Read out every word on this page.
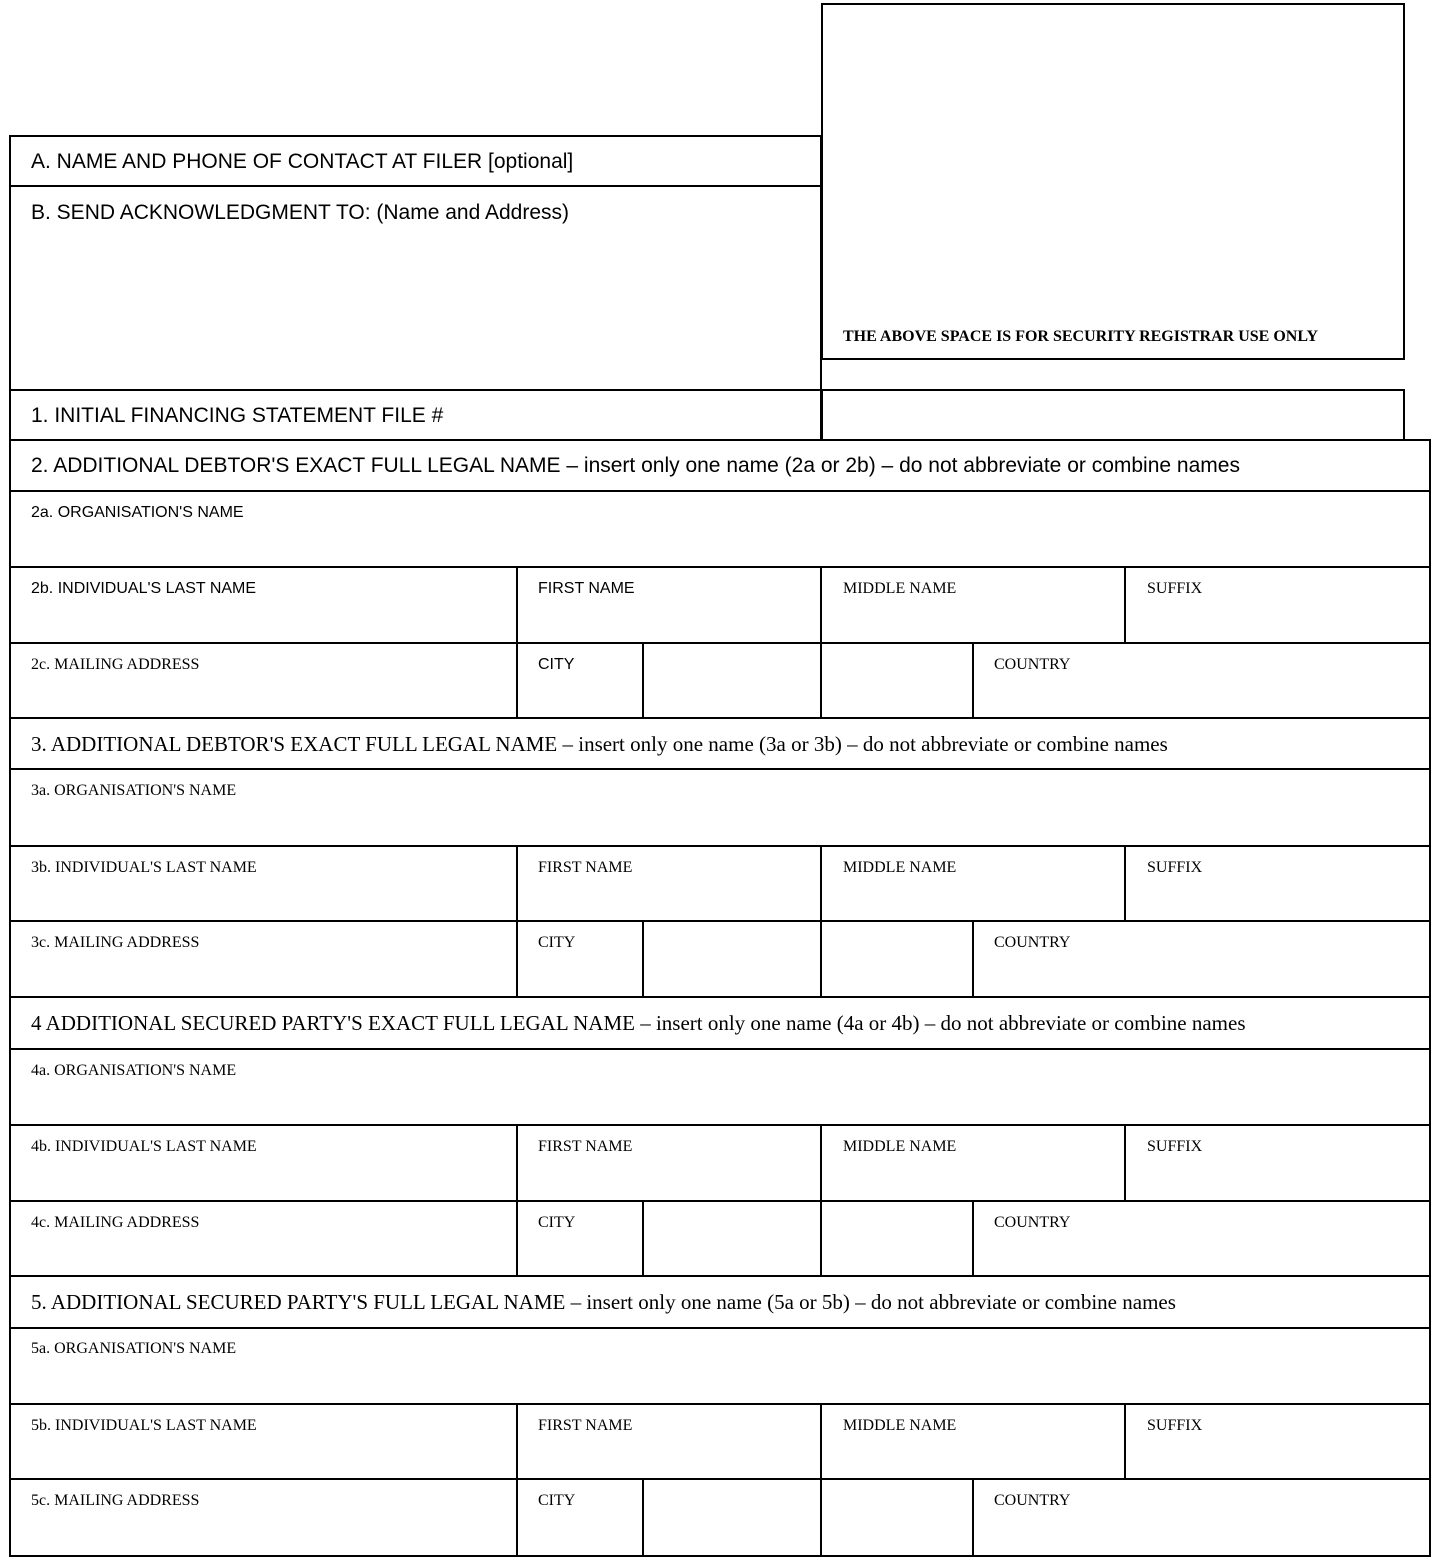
THE ABOVE SPACE IS FOR SECURITY REGISTRAR USE ONLY
A. NAME AND PHONE OF CONTACT AT FILER [optional]
B. SEND ACKNOWLEDGMENT TO: (Name and Address)
1. INITIAL FINANCING STATEMENT FILE #
2. ADDITIONAL DEBTOR'S EXACT FULL LEGAL NAME – insert only one name (2a or 2b) – do not abbreviate or combine names
2a. ORGANISATION'S NAME
2b. INDIVIDUAL'S LAST NAME	FIRST NAME	MIDDLE NAME	SUFFIX
2c. MAILING ADDRESS	CITY	COUNTRY
3. ADDITIONAL DEBTOR'S EXACT FULL LEGAL NAME – insert only one name (3a or 3b) – do not abbreviate or combine names
3a. ORGANISATION'S NAME
3b. INDIVIDUAL'S LAST NAME	FIRST NAME	MIDDLE NAME	SUFFIX
3c. MAILING ADDRESS	CITY	COUNTRY
4 ADDITIONAL SECURED PARTY'S EXACT FULL LEGAL NAME – insert only one name (4a or 4b) – do not abbreviate or combine names
4a. ORGANISATION'S NAME
4b. INDIVIDUAL'S LAST NAME	FIRST NAME	MIDDLE NAME	SUFFIX
4c. MAILING ADDRESS	CITY	COUNTRY
5. ADDITIONAL SECURED PARTY'S FULL LEGAL NAME – insert only one name (5a or 5b) – do not abbreviate or combine names
5a. ORGANISATION'S NAME
5b. INDIVIDUAL'S LAST NAME	FIRST NAME	MIDDLE NAME	SUFFIX
5c. MAILING ADDRESS	CITY	COUNTRY
